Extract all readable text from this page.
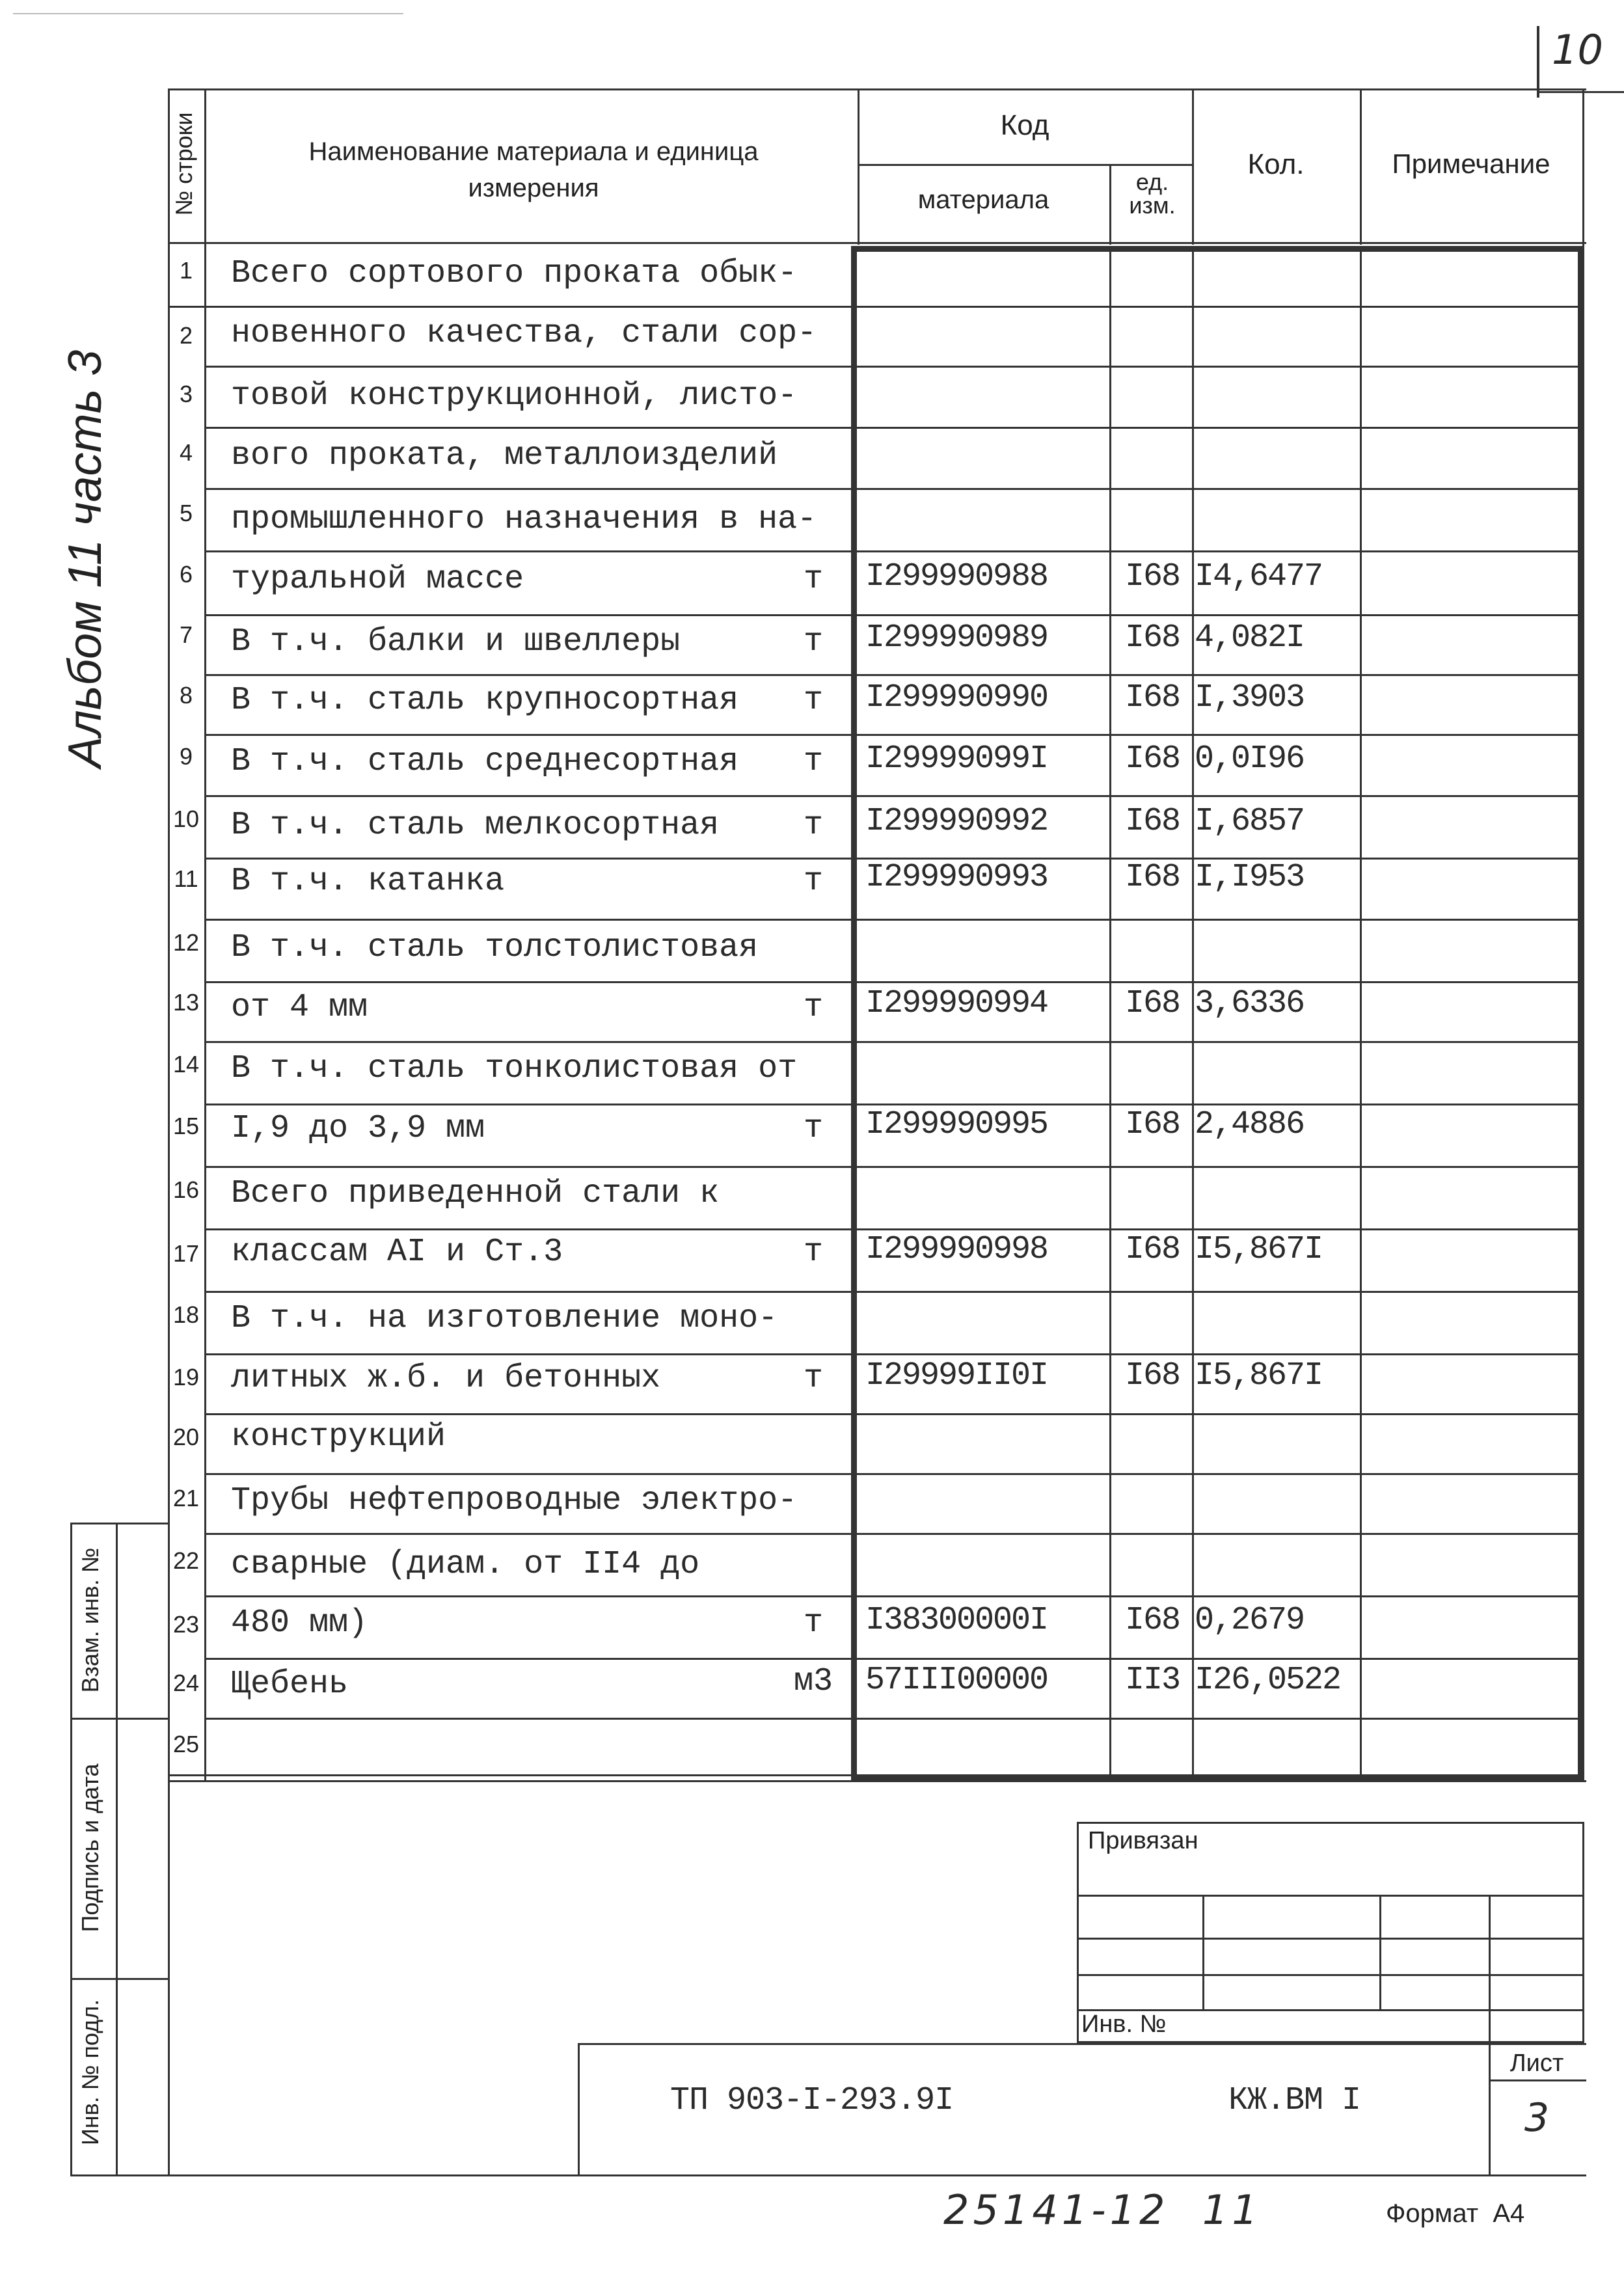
10
Альбом 11 часть 3
№ строки	Наименование материала и единица измерения
Код
материала
ед. изм.
Кол.	Примечание
1	Всего сортового проката обык-
2	новенного качества, стали сор-
3	товой конструкционной, листо-
4	вого проката, металлоизделий
5	промышленного назначения в на-
6	туральной массе	т	I299990988	I68 I4,6477
7	В т.ч. балки и швеллеры	т	I299990989	I68 4,082I
8	В т.ч. сталь крупносортная	т	I299990990	I68 I,3903
9	В т.ч. сталь среднесортная	т	I29999099I	I68 0,0I96
10 В т.ч. сталь мелкосортная	т	I299990992	I68 I,6857
11 В т.ч. катанка	т	I299990993	I68 I,I953
12 В т.ч. сталь толстолистовая
13 от 4 мм	т	I299990994	I68 3,6336
14 В т.ч. сталь тонколистовая от
15 I,9 до 3,9 мм	т	I299990995	I68 2,4886
16 Всего приведенной стали к
17 классам AI и Ст.3	т	I299990998	I68 I5,867I
18 В т.ч. на изготовление моно-
19 литных ж.б. и бетонных	т	I29999II0I	I68 I5,867I
20 конструкций
21 Трубы нефтепроводные электро-
22 сварные (диам. от II4 до
23 480 мм)	т	I38300000I	I68 0,2679
24 Щебень	м3 57III00000	II3 I26,0522
25
Взам. инв. №
Подпись и дата
Инв. № подл.
Привязан
Инв. №
Лист
3
ТП 903-I-293.9I	КЖ.ВМ I
25141-12  11	Формат  А4
